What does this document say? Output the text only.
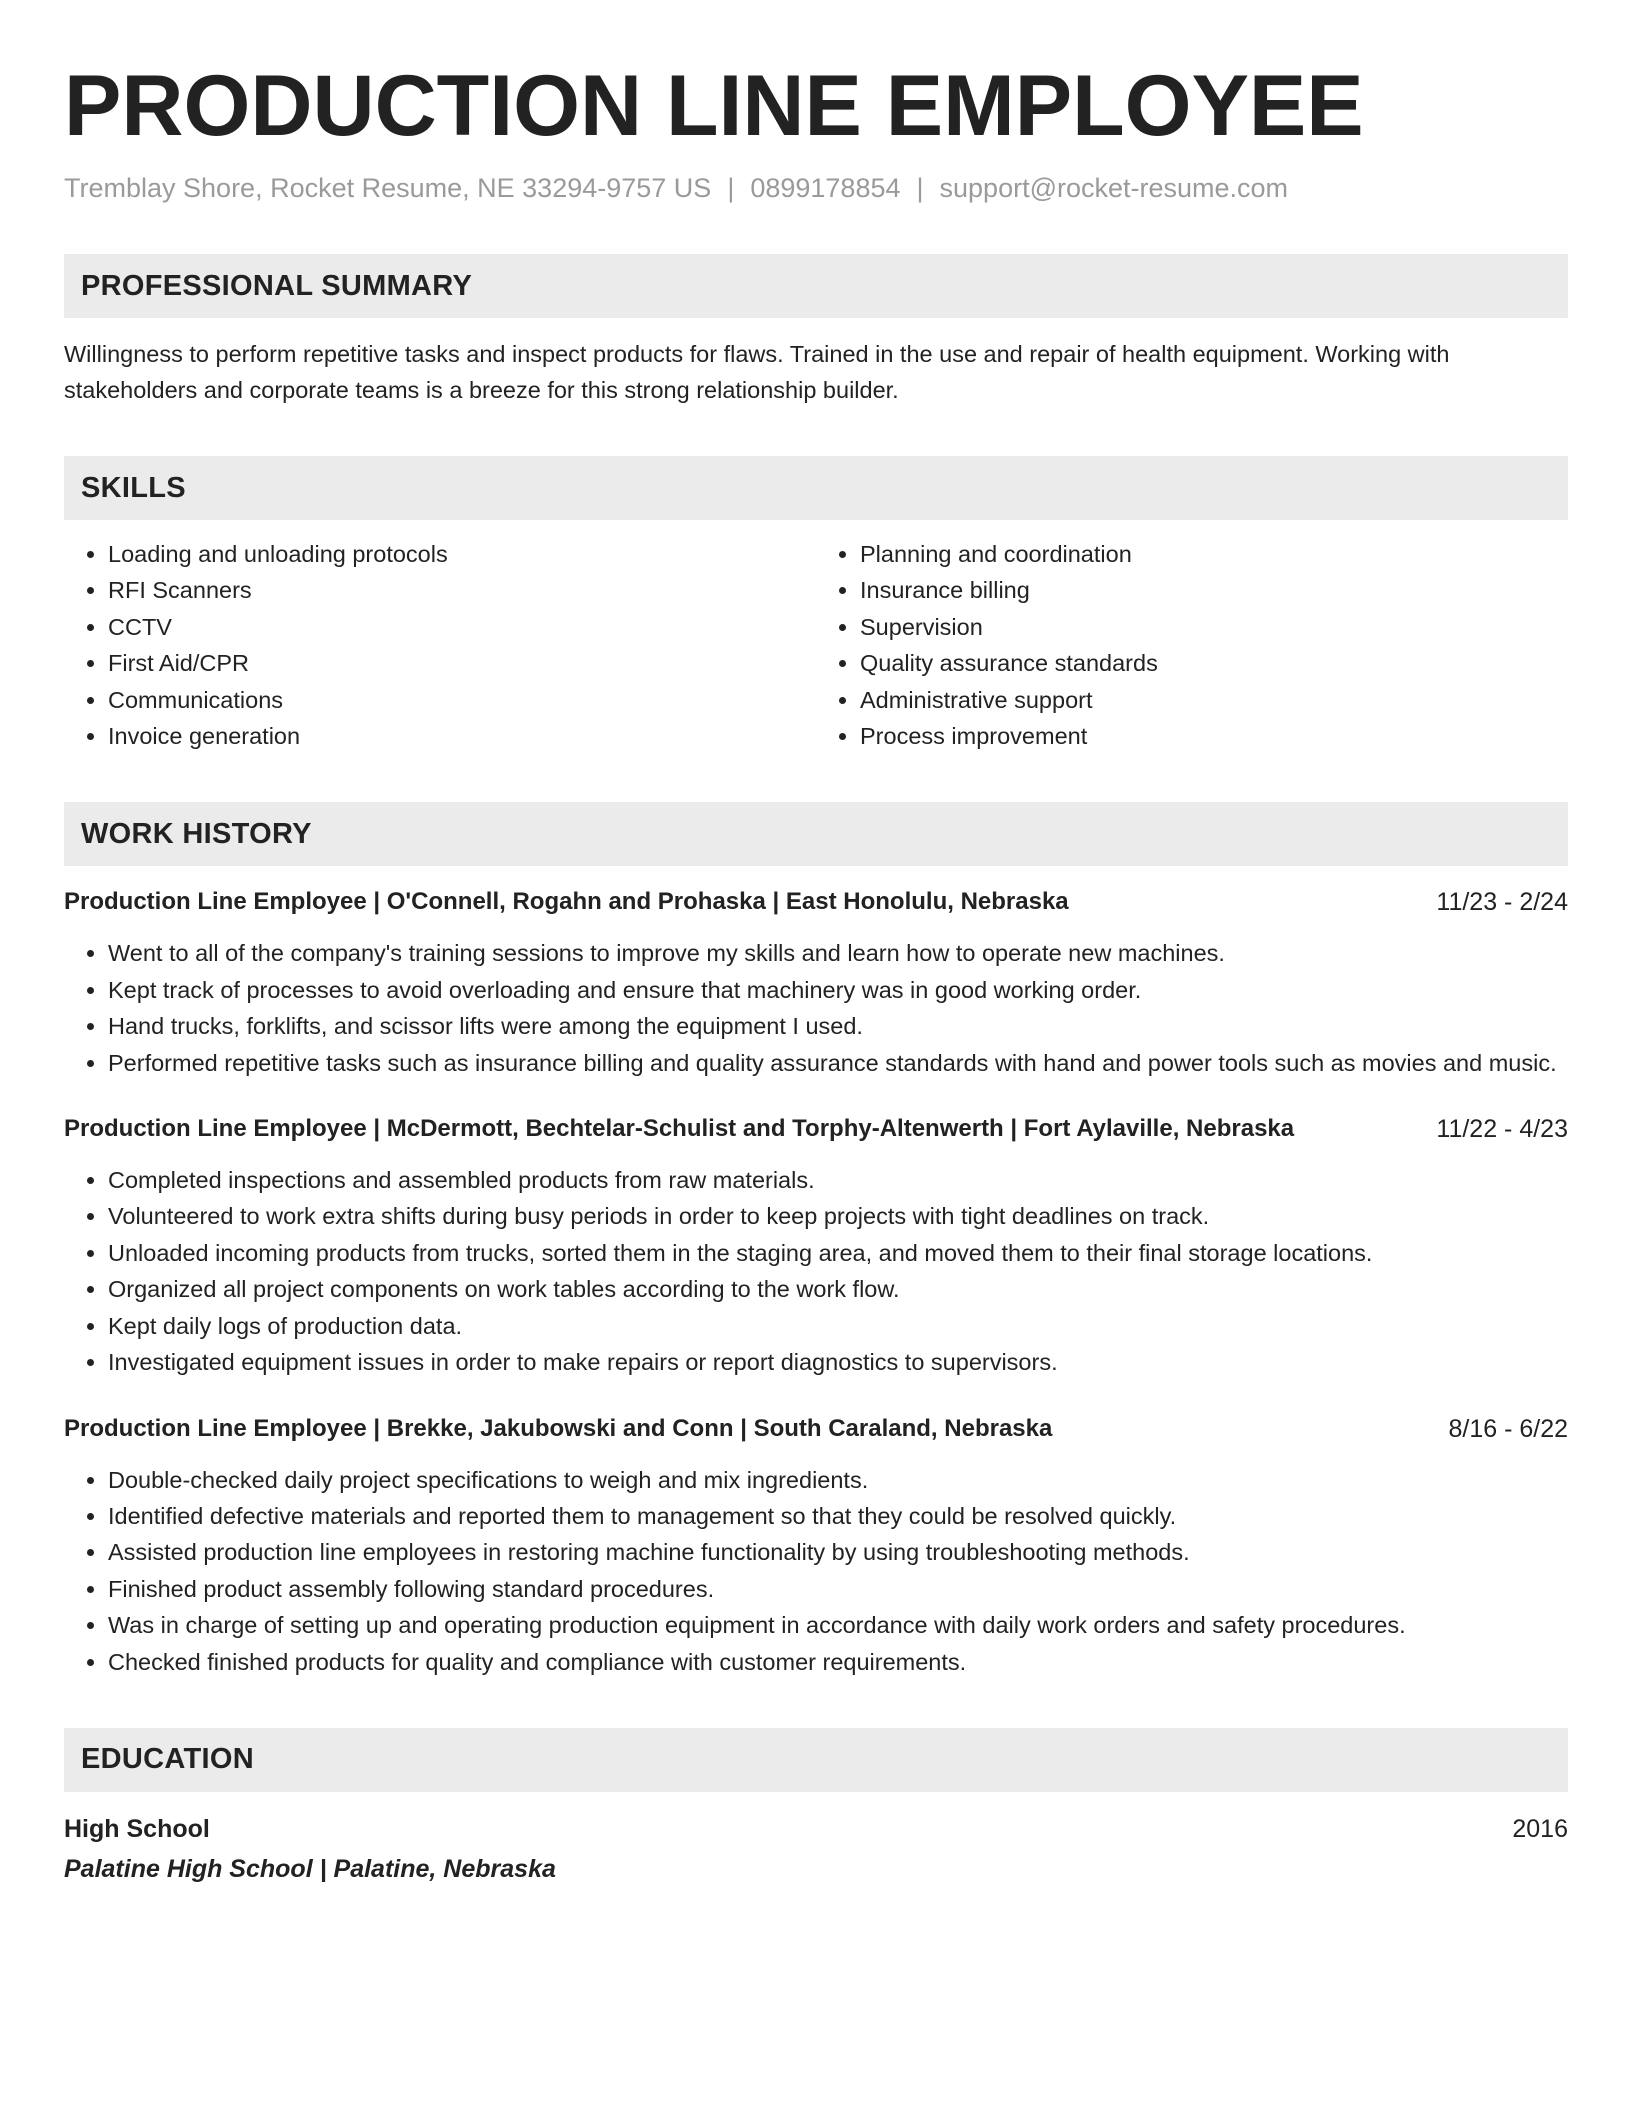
PRODUCTION LINE EMPLOYEE
Tremblay Shore, Rocket Resume, NE 33294-9757 US | 0899178854 | support@rocket-resume.com
PROFESSIONAL SUMMARY
Willingness to perform repetitive tasks and inspect products for flaws. Trained in the use and repair of health equipment. Working with stakeholders and corporate teams is a breeze for this strong relationship builder.
SKILLS
• Loading and unloading protocols
• RFI Scanners
• CCTV
• First Aid/CPR
• Communications
• Invoice generation
• Planning and coordination
• Insurance billing
• Supervision
• Quality assurance standards
• Administrative support
• Process improvement
WORK HISTORY
Production Line Employee | O'Connell, Rogahn and Prohaska | East Honolulu, Nebraska	11/23 - 2/24
• Went to all of the company's training sessions to improve my skills and learn how to operate new machines.
• Kept track of processes to avoid overloading and ensure that machinery was in good working order.
• Hand trucks, forklifts, and scissor lifts were among the equipment I used.
• Performed repetitive tasks such as insurance billing and quality assurance standards with hand and power tools such as movies and music.
Production Line Employee | McDermott, Bechtelar-Schulist and Torphy-Altenwerth | Fort Aylaville, Nebraska	11/22 - 4/23
• Completed inspections and assembled products from raw materials.
• Volunteered to work extra shifts during busy periods in order to keep projects with tight deadlines on track.
• Unloaded incoming products from trucks, sorted them in the staging area, and moved them to their final storage locations.
• Organized all project components on work tables according to the work flow.
• Kept daily logs of production data.
• Investigated equipment issues in order to make repairs or report diagnostics to supervisors.
Production Line Employee | Brekke, Jakubowski and Conn | South Caraland, Nebraska	8/16 - 6/22
• Double-checked daily project specifications to weigh and mix ingredients.
• Identified defective materials and reported them to management so that they could be resolved quickly.
• Assisted production line employees in restoring machine functionality by using troubleshooting methods.
• Finished product assembly following standard procedures.
• Was in charge of setting up and operating production equipment in accordance with daily work orders and safety procedures.
• Checked finished products for quality and compliance with customer requirements.
EDUCATION
High School	2016
Palatine High School | Palatine, Nebraska
